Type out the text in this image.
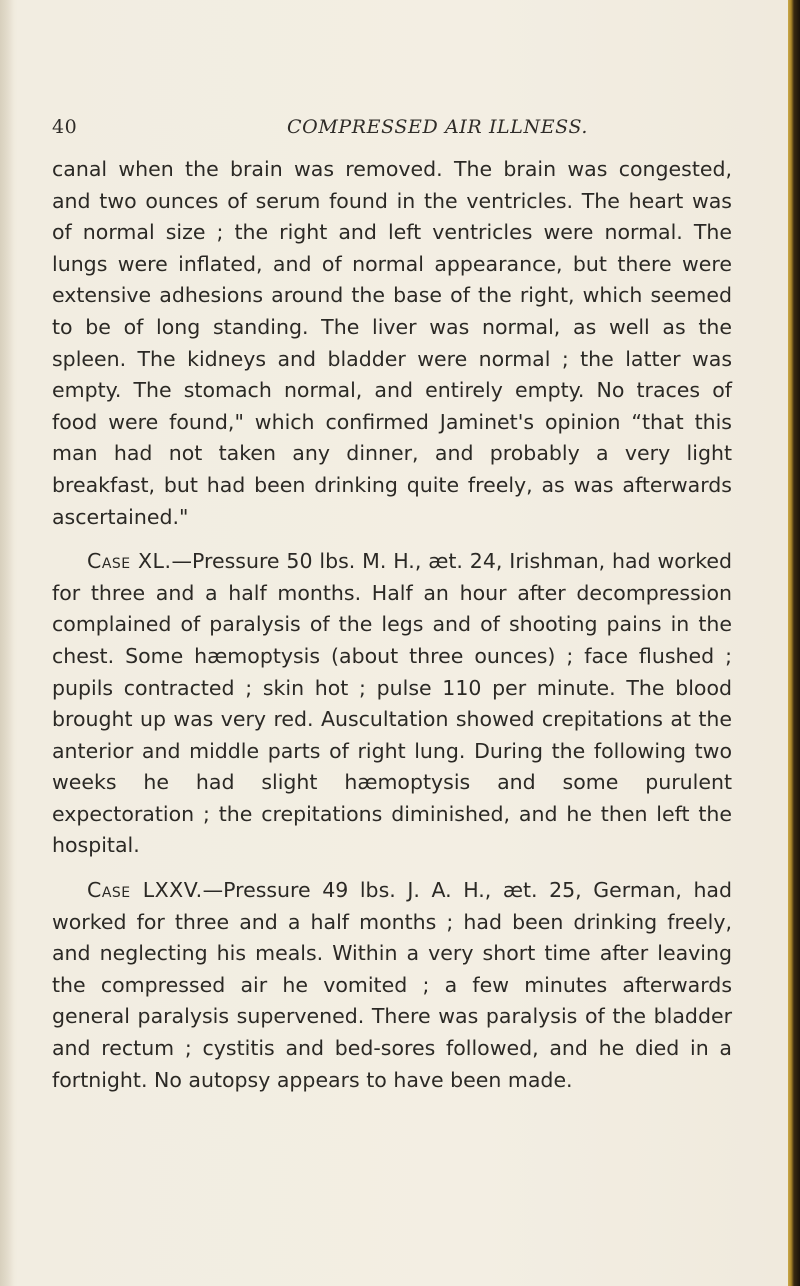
40	COMPRESSED AIR ILLNESS.

canal when the brain was removed. The brain was congested, and two ounces of serum found in the ventricles. The heart was of normal size ; the right and left ventricles were normal. The lungs were inflated, and of normal appearance, but there were extensive adhesions around the base of the right, which seemed to be of long standing. The liver was normal, as well as the spleen. The kidneys and bladder were normal ; the latter was empty. The stomach normal, and entirely empty. No traces of food were found," which confirmed Jaminet's opinion “that this man had not taken any dinner, and probably a very light breakfast, but had been drinking quite freely, as was afterwards ascertained."

Case XL.—Pressure 50 lbs. M. H., æt. 24, Irishman, had worked for three and a half months. Half an hour after decompression complained of paralysis of the legs and of shooting pains in the chest. Some hæmoptysis (about three ounces) ; face flushed ; pupils contracted ; skin hot ; pulse 110 per minute. The blood brought up was very red. Auscultation showed crepitations at the anterior and middle parts of right lung. During the following two weeks he had slight hæmoptysis and some purulent expectoration ; the crepitations diminished, and he then left the hospital.

Case LXXV.—Pressure 49 lbs. J. A. H., æt. 25, German, had worked for three and a half months ; had been drinking freely, and neglecting his meals. Within a very short time after leaving the compressed air he vomited ; a few minutes afterwards general paralysis supervened. There was paralysis of the bladder and rectum ; cystitis and bed-sores followed, and he died in a fortnight. No autopsy appears to have been made.
